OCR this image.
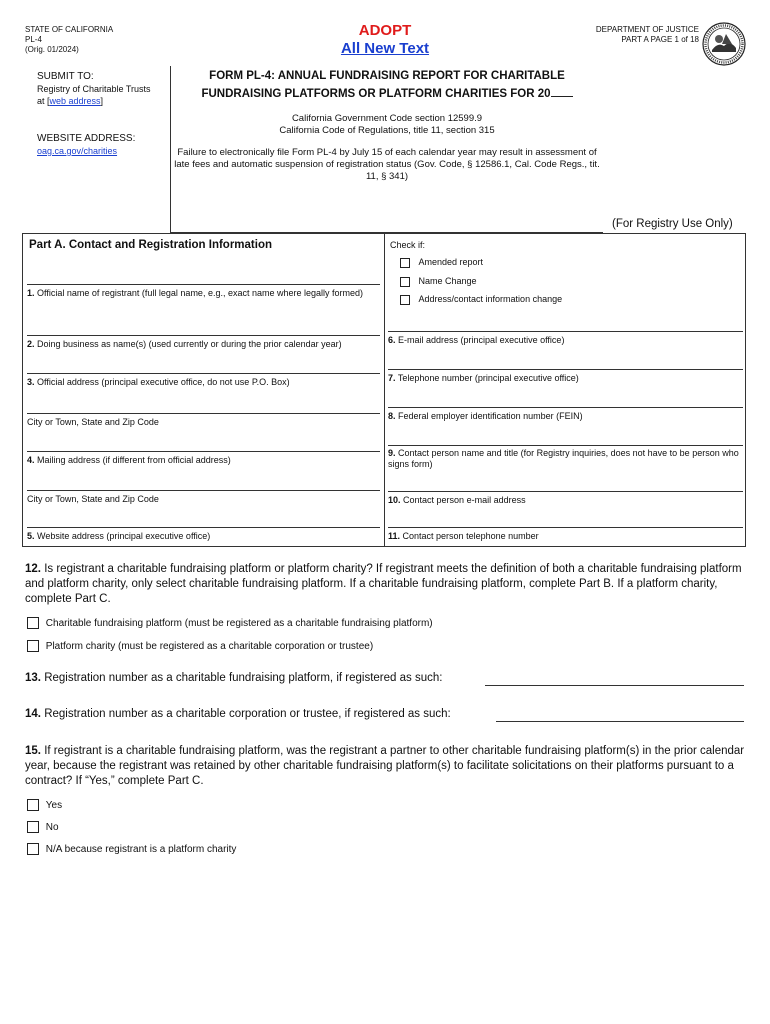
STATE OF CALIFORNIA
PL-4
(Orig. 01/2024)
ADOPT
All New Text
DEPARTMENT OF JUSTICE
PART A PAGE 1 of 18
SUBMIT TO:
Registry of Charitable Trusts
at [web address]
WEBSITE ADDRESS:
oag.ca.gov/charities
FORM PL-4: ANNUAL FUNDRAISING REPORT FOR CHARITABLE
FUNDRAISING PLATFORMS OR PLATFORM CHARITIES FOR 20
California Government Code section 12599.9
California Code of Regulations, title 11, section 315
Failure to electronically file Form PL-4 by July 15 of each calendar year may result in assessment of late fees and automatic suspension of registration status (Gov. Code, § 12586.1, Cal. Code Regs., tit. 11, § 341)
(For Registry Use Only)
Part A. Contact and Registration Information	Check if:
Amended report
Name Change
Address/contact information change
1. Official name of registrant (full legal name, e.g., exact name where legally formed)
2. Doing business as name(s) (used currently or during the prior calendar year)
3. Official address (principal executive office, do not use P.O. Box)
City or Town, State and Zip Code
4. Mailing address (if different from official address)
City or Town, State and Zip Code
5. Website address (principal executive office)
6. E-mail address (principal executive office)
7. Telephone number (principal executive office)
8. Federal employer identification number (FEIN)
9. Contact person name and title (for Registry inquiries, does not have to be person who signs form)
10. Contact person e-mail address
11. Contact person telephone number
12. Is registrant a charitable fundraising platform or platform charity? If registrant meets the definition of both a charitable fundraising platform and platform charity, only select charitable fundraising platform. If a charitable fundraising platform, complete Part B. If a platform charity, complete Part C.
Charitable fundraising platform (must be registered as a charitable fundraising platform)
Platform charity (must be registered as a charitable corporation or trustee)
13. Registration number as a charitable fundraising platform, if registered as such:
14. Registration number as a charitable corporation or trustee, if registered as such:
15. If registrant is a charitable fundraising platform, was the registrant a partner to other charitable fundraising platform(s) in the prior calendar year, because the registrant was retained by other charitable fundraising platform(s) to facilitate solicitations on their platforms pursuant to a contract? If “Yes,” complete Part C.
Yes
No
N/A because registrant is a platform charity
